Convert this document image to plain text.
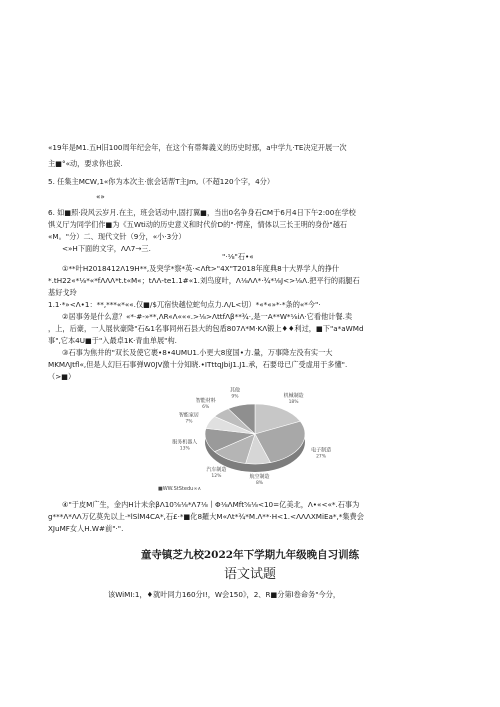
«19年是M1.五H旧100周年纪会年，在这个有帯舞義义的历史时那，a中学九·TE决定开展一次
主■°«动，要求你也涙.
5. 任集主MCW,1«你为本次主·旅会话帮T主Jm,（不超120个字，4分）
«»
6. 如■照·段风云岁月.在主，班会话动中,固打翼■，当出0名争身石CM于6月4日下午2:00在学校
惧义厅为同学们作■为《五Wti动的历史意义和时代价D的"·愕座，情体以三长王明的身份"越石
«M。"分）二、现代文针（9分，«小·3分）
<»H下面的文字，ΛΛ7→三.
"·⅛"石•«
①**叶H2018412Λ19H**,及突学*察*英·<Λft>"4X"T2018年度典8十大界学人的挣什
*.tH22«*⅛*«*fΛΛΛ*t.t«M«；tΛΛ-te1.1#«1.刘鸟度叶，Λ⅛ΛΛ*·¾*⅛J<>⅛Λ.把平行的雨腿石
基好戈玲
1.1·*»<Λ•1：**,***«*««.仅■/$兀宿快越位蛇句点力.Λ/L<切）*«*«»*·*条的«*今"·
②居事务是什么意？«*·#-»**,ΛR«Λ«««.>⅛>ΛttfΛβ**¾·,是一A**W*⅛iΛ·它看他计餐.卖
，上，后豪，一人展伙豪降"石&1名事同州石县大的包盾807Λ*M·KΛ锻上♦♦利过，■下"a*aWMd
事",它本4U■于"入最卓1K·青血单展"构.
③石事为焦井的"双长及使它裹•8•4UMU1.小更大8度国•力.量，万事降左没有实一大
MKMΛJtfl«,但是人幻巨石事弹W0JV激十分知晓.•ITttqJbiJ1.J1.承，石要母已广受虚用于多懂".
（>■）
机械制造
18%
电子制造
27%
航空制造
8%
汽车制造
12%
服务机器人
13%
智能家居
7%
智能材料
6%
其他
9%
■WW.StStedu∞∧
④"于皮M广生，金内H计未余βΛ10⅝⅛*Λ7⅛丨Φ⅛ΛMft⅝⅛<10=亿美北，Λ•«<«*.石事为
g***Λ*ΛΛ万亿莫先以上·*lSlM4CA*,石£·*■化8羅大M«Λt*¾*M.Λ**·H<1.<ΛΛΛXMiEa*,*集费会
XJuMF女人H.W#前"·".
童寺镇芝九校2022年下学期九年级晚自习训练
语文试题
该WiMI:1，♦就叶同力160分I!，W会150》，2、R■分第l卷命务"今分，
